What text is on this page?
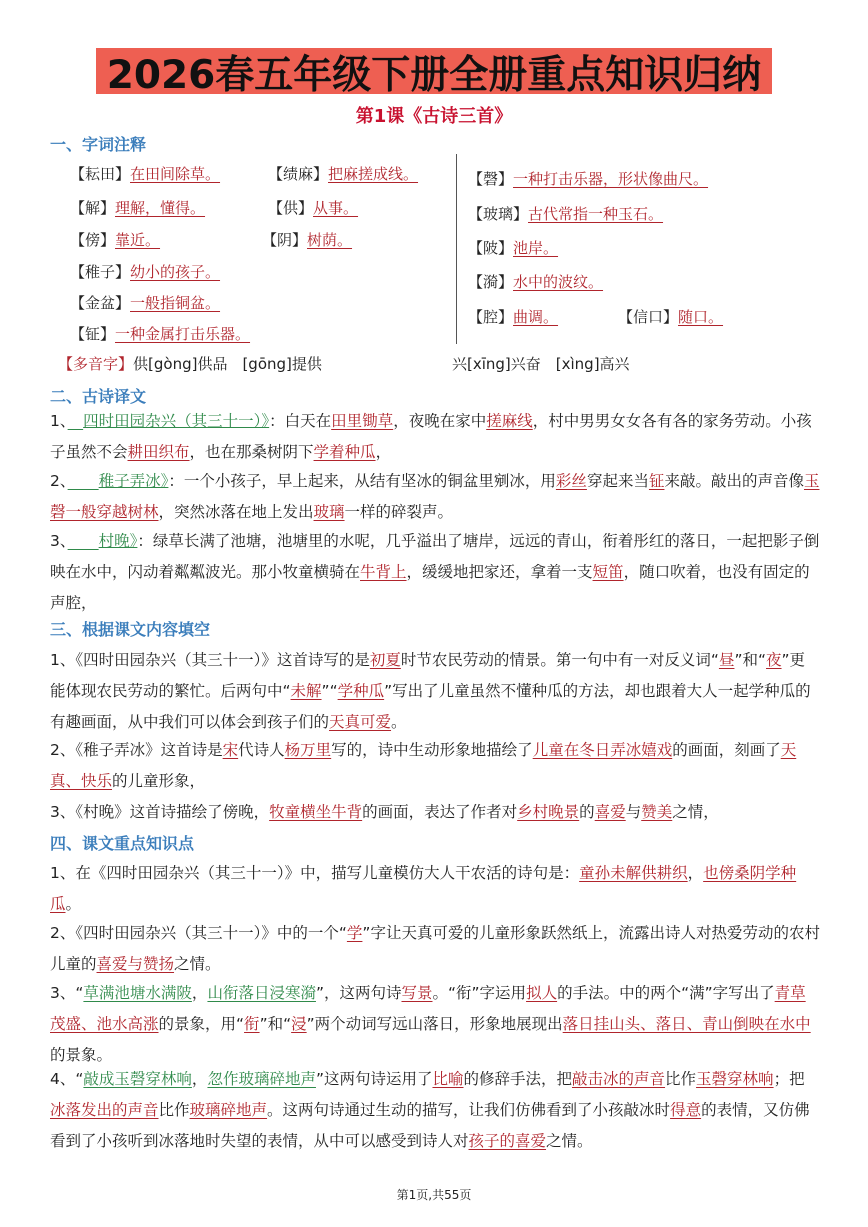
2026春五年级下册全册重点知识归纳
第1课《古诗三首》
一、字词注释
【耘田】在田间除草。	【绩麻】把麻搓成线。
【解】理解，懂得。	【供】从事。
【傍】靠近。	【阴】树荫。
【稚子】幼小的孩子。
【金盆】一般指铜盆。
【钲】一种金属打击乐器。
【磬】一种打击乐器，形状像曲尺。
【玻璃】古代常指一种玉石。
【陂】池岸。
【漪】水中的波纹。
【腔】曲调。	【信口】随口。
【多音字】供[gòng]供品　[gōng]提供	兴[xīng]兴奋　[xìng]高兴
二、古诗译文
1、　 四时田园杂兴（其三十一）》：白天在田里锄草，夜晚在家中搓麻线，村中男男女女各有各的家务劳动。小孩子虽然不会耕田织布，也在那桑树阴下学着种瓜，
2、　　 稚子弄冰》：一个小孩子，早上起来，从结有坚冰的铜盆里剜冰，用彩丝穿起来当钲来敲。敲出的声音像玉磬一般穿越树林，突然冰落在地上发出玻璃一样的碎裂声。
3、　　 村晚》：绿草长满了池塘，池塘里的水呢，几乎溢出了塘岸，远远的青山，衔着彤红的落日，一起把影子倒映在水中，闪动着粼粼波光。那小牧童横骑在牛背上，缓缓地把家还，拿着一支短笛，随口吹着，也没有固定的声腔，
三、根据课文内容填空
1、《四时田园杂兴（其三十一）》这首诗写的是初夏时节农民劳动的情景。第一句中有一对反义词“昼”和“夜”更能体现农民劳动的繁忙。后两句中“未解”“学种瓜”写出了儿童虽然不懂种瓜的方法，却也跟着大人一起学种瓜的有趣画面，从中我们可以体会到孩子们的天真可爱。
2、《稚子弄冰》这首诗是宋代诗人杨万里写的，诗中生动形象地描绘了儿童在冬日弄冰嬉戏的画面，刻画了天真、快乐的儿童形象，
3、《村晚》这首诗描绘了傍晚，牧童横坐牛背的画面，表达了作者对乡村晚景的喜爱与赞美之情，
四、课文重点知识点
1、在《四时田园杂兴（其三十一）》中，描写儿童模仿大人干农活的诗句是：童孙未解供耕织，也傍桑阴学种瓜。
2、《四时田园杂兴（其三十一）》中的一个“学”字让天真可爱的儿童形象跃然纸上，流露出诗人对热爱劳动的农村儿童的喜爱与赞扬之情。
3、“草满池塘水满陂，山衔落日浸寒漪”，这两句诗写景。“衔”字运用拟人的手法。中的两个“满”字写出了青草茂盛、池水高涨的景象，用“衔”和“浸”两个动词写远山落日，形象地展现出落日挂山头、落日、青山倒映在水中的景象。
4、“敲成玉磬穿林响，忽作玻璃碎地声”这两句诗运用了比喻的修辞手法，把敲击冰的声音比作玉磬穿林响；把冰落发出的声音比作玻璃碎地声。这两句诗通过生动的描写，让我们仿佛看到了小孩敲冰时得意的表情，又仿佛看到了小孩听到冰落地时失望的表情，从中可以感受到诗人对孩子的喜爱之情。
第1页,共55页
